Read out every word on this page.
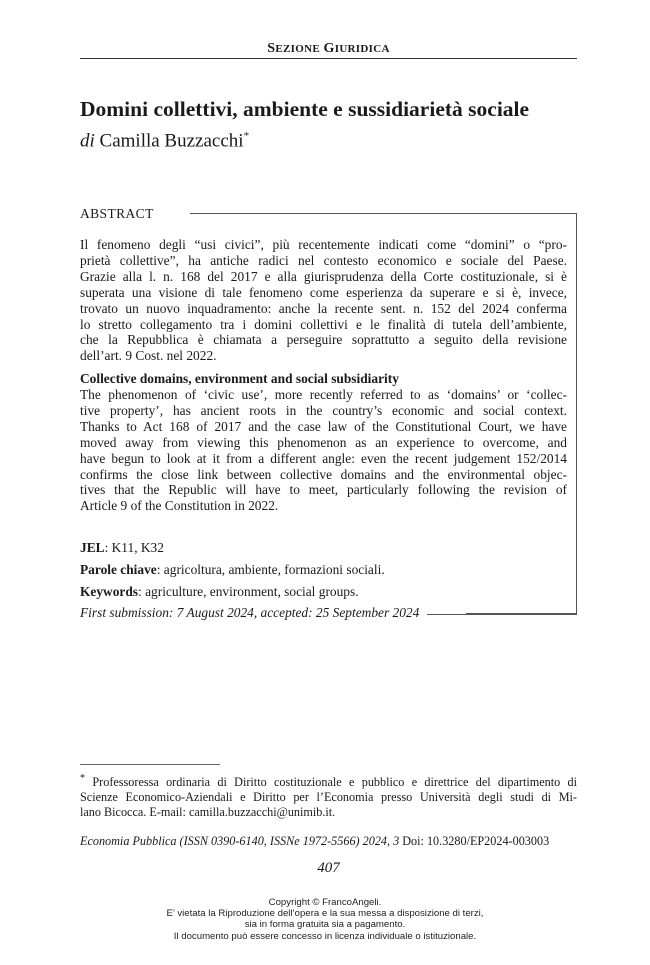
SEZIONE GIURIDICA
Domini collettivi, ambiente e sussidiarietà sociale
di Camilla Buzzacchi*
ABSTRACT
Il fenomeno degli “usi civici”, più recentemente indicati come “domini” o “pro-
prietà collettive”, ha antiche radici nel contesto economico e sociale del Paese.
Grazie alla l. n. 168 del 2017 e alla giurisprudenza della Corte costituzionale, si è
superata una visione di tale fenomeno come esperienza da superare e si è, invece,
trovato un nuovo inquadramento: anche la recente sent. n. 152 del 2024 conferma
lo stretto collegamento tra i domini collettivi e le finalità di tutela dell’ambiente,
che la Repubblica è chiamata a perseguire soprattutto a seguito della revisione
dell’art. 9 Cost. nel 2022.
Collective domains, environment and social subsidiarity
The phenomenon of ‘civic use’, more recently referred to as ‘domains’ or ‘collec-
tive property’, has ancient roots in the country’s economic and social context.
Thanks to Act 168 of 2017 and the case law of the Constitutional Court, we have
moved away from viewing this phenomenon as an experience to overcome, and
have begun to look at it from a different angle: even the recent judgement 152/2014
confirms the close link between collective domains and the environmental objec-
tives that the Republic will have to meet, particularly following the revision of
Article 9 of the Constitution in 2022.
JEL: K11, K32
Parole chiave: agricoltura, ambiente, formazioni sociali.
Keywords: agriculture, environment, social groups.
First submission: 7 August 2024, accepted: 25 September 2024
* Professoressa ordinaria di Diritto costituzionale e pubblico e direttrice del dipartimento di
Scienze Economico-Aziendali e Diritto per l’Economia presso Università degli studi di Mi-
lano Bicocca. E-mail: camilla.buzzacchi@unimib.it.
Economia Pubblica (ISSN 0390-6140, ISSNe 1972-5566) 2024, 3 Doi: 10.3280/EP2024-003003
407
Copyright © FrancoAngeli.
E’ vietata la Riproduzione dell’opera e la sua messa a disposizione di terzi,
sia in forma gratuita sia a pagamento.
Il documento può essere concesso in licenza individuale o istituzionale.
